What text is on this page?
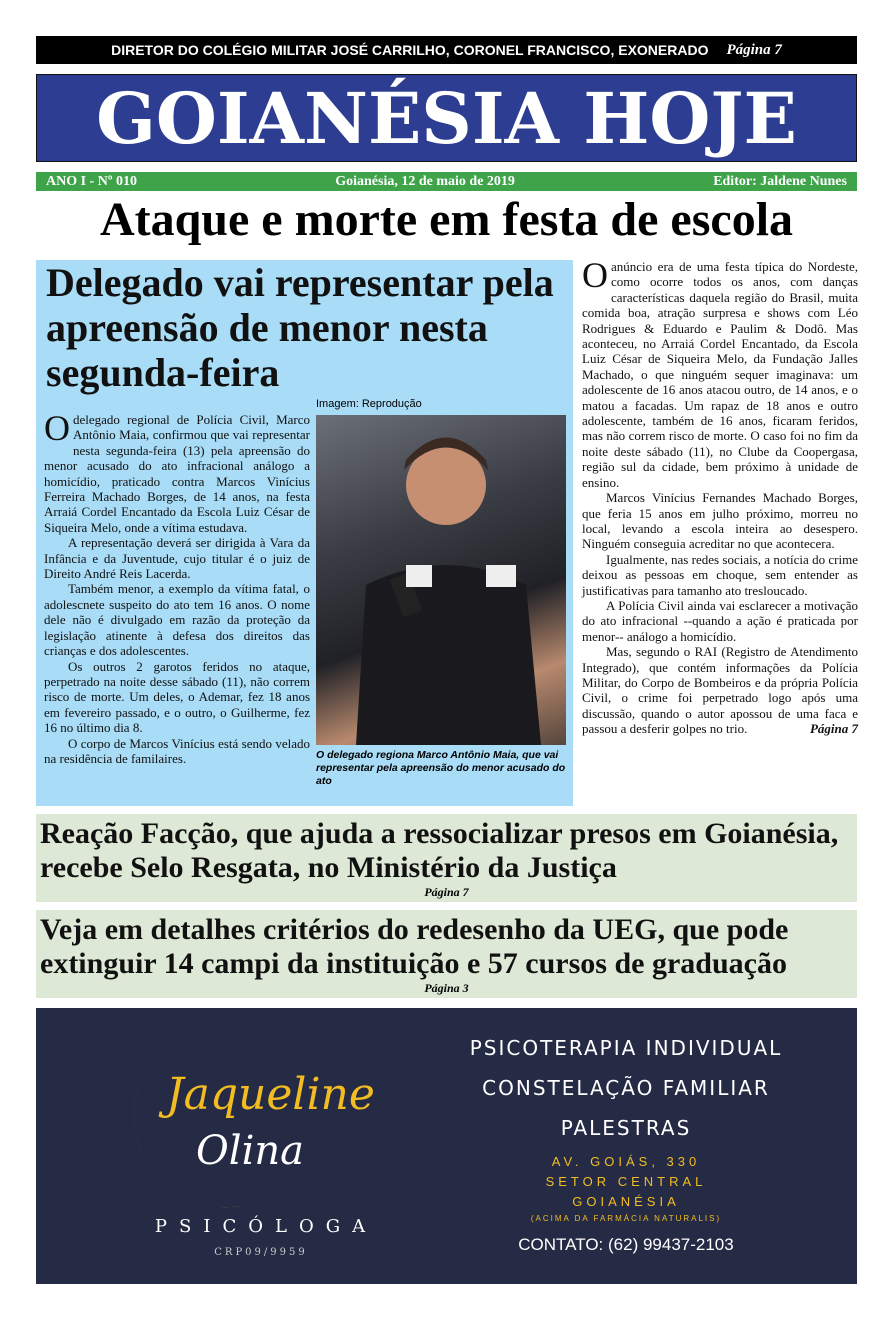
DIRETOR DO COLÉGIO MILITAR JOSÉ CARRILHO, CORONEL FRANCISCO, EXONERADO Página 7
GOIANÉSIA HOJE
ANO I - Nº 010	Goianésia, 12 de maio de 2019	Editor: Jaldene Nunes
Ataque e morte em festa de escola
Delegado vai representar pela apreensão de menor nesta segunda-feira
Imagem: Reprodução

Odelegado regional de Polícia Civil, Marco Antônio Maia, confirmou que vai representar nesta segunda-feira (13) pela apreensão do menor acusado do ato infracional análogo a homicídio, praticado contra Marcos Vinícius Ferreira Machado Borges, de 14 anos, na festa Arraiá Cordel Encantado da Escola Luiz César de Siqueira Melo, onde a vítima estudava.

A representação deverá ser dirigida à Vara da Infância e da Juventude, cujo titular é o juiz de Direito André Reis Lacerda.

Também menor, a exemplo da vítima fatal, o adolescnete suspeito do ato tem 16 anos. O nome dele não é divulgado em razão da proteção da legislação atinente à defesa dos direitos das crianças e dos adolescentes.

Os outros 2 garotos feridos no ataque, perpetrado na noite desse sábado (11), não correm risco de morte. Um deles, o Ademar, fez 18 anos em fevereiro passado, e o outro, o Guilherme, fez 16 no último dia 8.

O corpo de Marcos Vinícius está sendo velado na residência de familaires.	O delegado regiona Marco Antônio Maia, que vai representar pela apreensão do menor acusado do ato

Oanúncio era de uma festa típica do Nordeste, como ocorre todos os anos, com danças características daquela região do Brasil, muita comida boa, atração surpresa e shows com Léo Rodrigues & Eduardo e Paulim & Dodô. Mas aconteceu, no Arraiá Cordel Encantado, da Escola Luiz César de Siqueira Melo, da Fundação Jalles Machado, o que ninguém sequer imaginava: um adolescente de 16 anos atacou outro, de 14 anos, e o matou a facadas. Um rapaz de 18 anos e outro adolescente, também de 16 anos, ficaram feridos, mas não correm risco de morte. O caso foi no fim da noite deste sábado (11), no Clube da Coopergasa, região sul da cidade, bem próximo à unidade de ensino.

Marcos Vinícius Fernandes Machado Borges, que feria 15 anos em julho próximo, morreu no local, levando a escola inteira ao desespero. Ninguém conseguia acreditar no que acontecera.

Igualmente, nas redes sociais, a notícia do crime deixou as pessoas em choque, sem entender as justificativas para tamanho ato tresloucado.

A Polícia Civil ainda vai esclarecer a motivação do ato infracional --quando a ação é praticada por menor-- análogo a homicídio.

Mas, segundo o RAI (Registro de Atendimento Integrado), que contém informações da Polícia Militar, do Corpo de Bombeiros e da própria Polícia Civil, o crime foi perpetrado logo após uma discussão, quando o autor apossou de uma faca e passou a desferir golpes no trio.	Página 7

Reação Facção, que ajuda a ressocializar presos em Goianésia, recebe Selo Resgata, no Ministério da Justiça
Página 7
Veja em detalhes critérios do redesenho da UEG, que pode extinguir 14 campi da instituição e 57 cursos de graduação
Página 3
Jaqueline
Olina
PSICÓLOGA
CRP09/9959
PSICOTERAPIA INDIVIDUAL
CONSTELAÇÃO FAMILIAR
PALESTRAS
AV. GOIÁS, 330
SETOR CENTRAL
GOIANÉSIA
(ACIMA DA FARMÁCIA NATURALIS)
CONTATO: (62) 99437-2103
